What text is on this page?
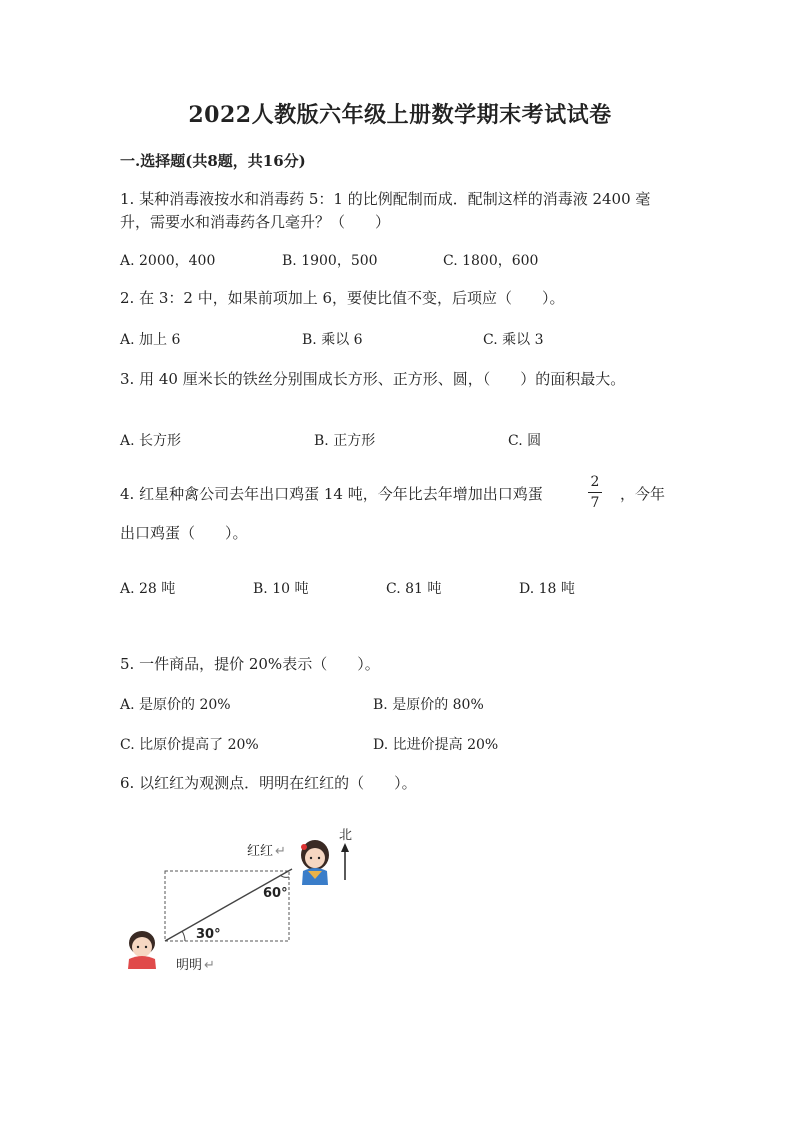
2022人教版六年级上册数学期末考试试卷
一.选择题(共8题，共16分)
1. 某种消毒液按水和消毒药 5：1 的比例配制而成．配制这样的消毒液 2400 毫
升，需要水和消毒药各几毫升？（　　）
A. 2000，400	B. 1900，500	C. 1800，600
2. 在 3：2 中，如果前项加上 6，要使比值不变，后项应（　　）。
A. 加上 6	B. 乘以 6	C. 乘以 3
3. 用 40 厘米长的铁丝分别围成长方形、正方形、圆，（　　）的面积最大。
A. 长方形	B. 正方形	C. 圆
4. 红星种禽公司去年出口鸡蛋 14 吨，今年比去年增加出口鸡蛋
2
7 ，今年
出口鸡蛋（　　）。
A. 28 吨	B. 10 吨	C. 81 吨	D. 18 吨
5. 一件商品，提价 20%表示（　　）。
A. 是原价的 20%	B. 是原价的 80%
C. 比原价提高了 20%	D. 比进价提高 20%
6. 以红红为观测点．明明在红红的（　　）。
红红 ↵
明明 ↵
60°
30°
北
